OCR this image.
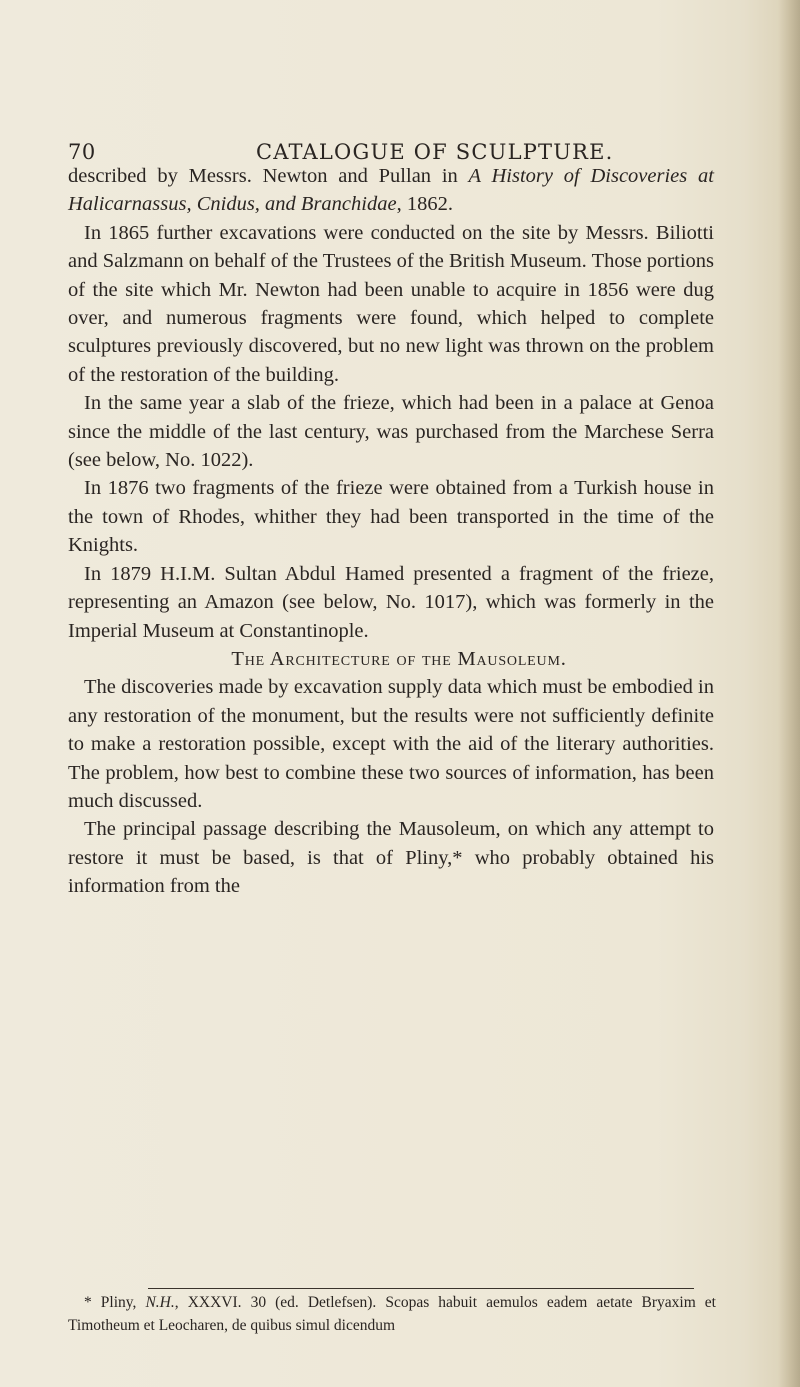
70	CATALOGUE OF SCULPTURE.

described by Messrs. Newton and Pullan in A History of Discoveries at Halicarnassus, Cnidus, and Branchidae, 1862.

In 1865 further excavations were conducted on the site by Messrs. Biliotti and Salzmann on behalf of the Trustees of the British Museum. Those portions of the site which Mr. Newton had been unable to acquire in 1856 were dug over, and numerous fragments were found, which helped to complete sculptures previously discovered, but no new light was thrown on the problem of the restoration of the building.

In the same year a slab of the frieze, which had been in a palace at Genoa since the middle of the last century, was purchased from the Marchese Serra (see below, No. 1022).

In 1876 two fragments of the frieze were obtained from a Turkish house in the town of Rhodes, whither they had been transported in the time of the Knights.

In 1879 H.I.M. Sultan Abdul Hamed presented a fragment of the frieze, representing an Amazon (see below, No. 1017), which was formerly in the Imperial Museum at Constantinople.

The Architecture of the Mausoleum.

The discoveries made by excavation supply data which must be embodied in any restoration of the monument, but the results were not sufficiently definite to make a restoration possible, except with the aid of the literary authorities. The problem, how best to combine these two sources of information, has been much discussed.

The principal passage describing the Mausoleum, on which any attempt to restore it must be based, is that of Pliny,* who probably obtained his information from the

* Pliny, N.H., XXXVI. 30 (ed. Detlefsen). Scopas habuit aemulos eadem aetate Bryaxim et Timotheum et Leocharen, de quibus simul dicendum
